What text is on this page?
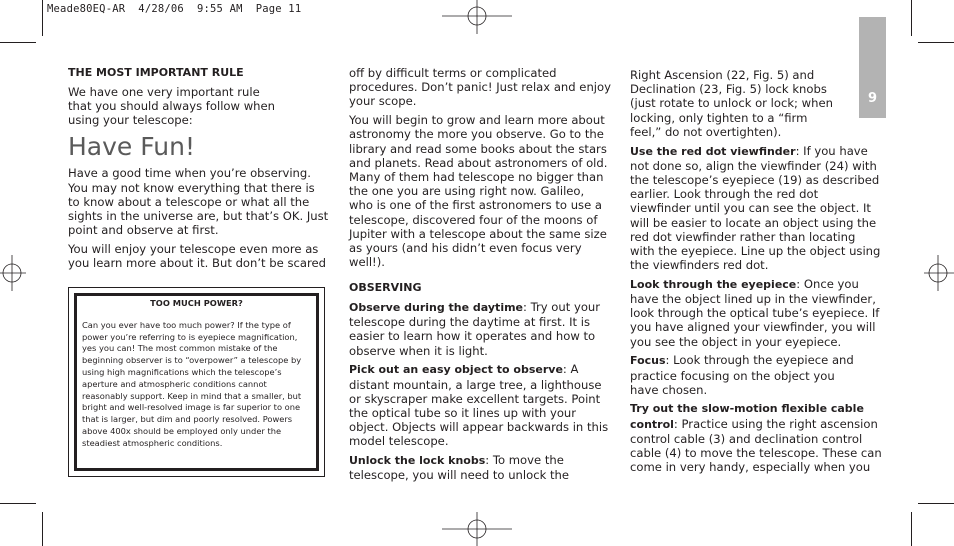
Meade80EQ-AR  4/28/06  9:55 AM  Page 11
9

THE MOST IMPORTANT RULE

We have one very important rule that you should always follow when using your telescope:

Have Fun!

Have a good time when you’re observing. You may not know everything that there is to know about a telescope or what all the sights in the universe are, but that’s OK. Just point and observe at first.

You will enjoy your telescope even more as you learn more about it. But don’t be scared

TOO MUCH POWER?

Can you ever have too much power? If the type of power you’re referring to is eyepiece magnification, yes you can! The most common mistake of the beginning observer is to “overpower” a telescope by using high magnifications which the telescope’s aperture and atmospheric conditions cannot reasonably support. Keep in mind that a smaller, but bright and well-resolved image is far superior to one that is larger, but dim and poorly resolved. Powers above 400x should be employed only under the steadiest atmospheric conditions.

off by difficult terms or complicated procedures. Don’t panic! Just relax and enjoy your scope.

You will begin to grow and learn more about astronomy the more you observe. Go to the library and read some books about the stars and planets. Read about astronomers of old. Many of them had telescope no bigger than the one you are using right now. Galileo, who is one of the first astronomers to use a telescope, discovered four of the moons of Jupiter with a telescope about the same size as yours (and his didn’t even focus very well!).

OBSERVING

Observe during the daytime: Try out your telescope during the daytime at first. It is easier to learn how it operates and how to observe when it is light.

Pick out an easy object to observe: A distant mountain, a large tree, a lighthouse or skyscraper make excellent targets. Point the optical tube so it lines up with your object. Objects will appear backwards in this model telescope.

Unlock the lock knobs: To move the telescope, you will need to unlock the

Right Ascension (22, Fig. 5) and Declination (23, Fig. 5) lock knobs (just rotate to unlock or lock; when locking, only tighten to a “firm feel,” do not overtighten).

Use the red dot viewfinder: If you have not done so, align the viewfinder (24) with the telescope’s eyepiece (19) as described earlier. Look through the red dot viewfinder until you can see the object. It will be easier to locate an object using the red dot viewfinder rather than locating with the eyepiece. Line up the object using the viewfinders red dot.

Look through the eyepiece: Once you have the object lined up in the viewfinder, look through the optical tube’s eyepiece. If you have aligned your viewfinder, you will you see the object in your eyepiece.

Focus: Look through the eyepiece and practice focusing on the object you have chosen.

Try out the slow-motion flexible cable control: Practice using the right ascension control cable (3) and declination control cable (4) to move the telescope. These can come in very handy, especially when you
